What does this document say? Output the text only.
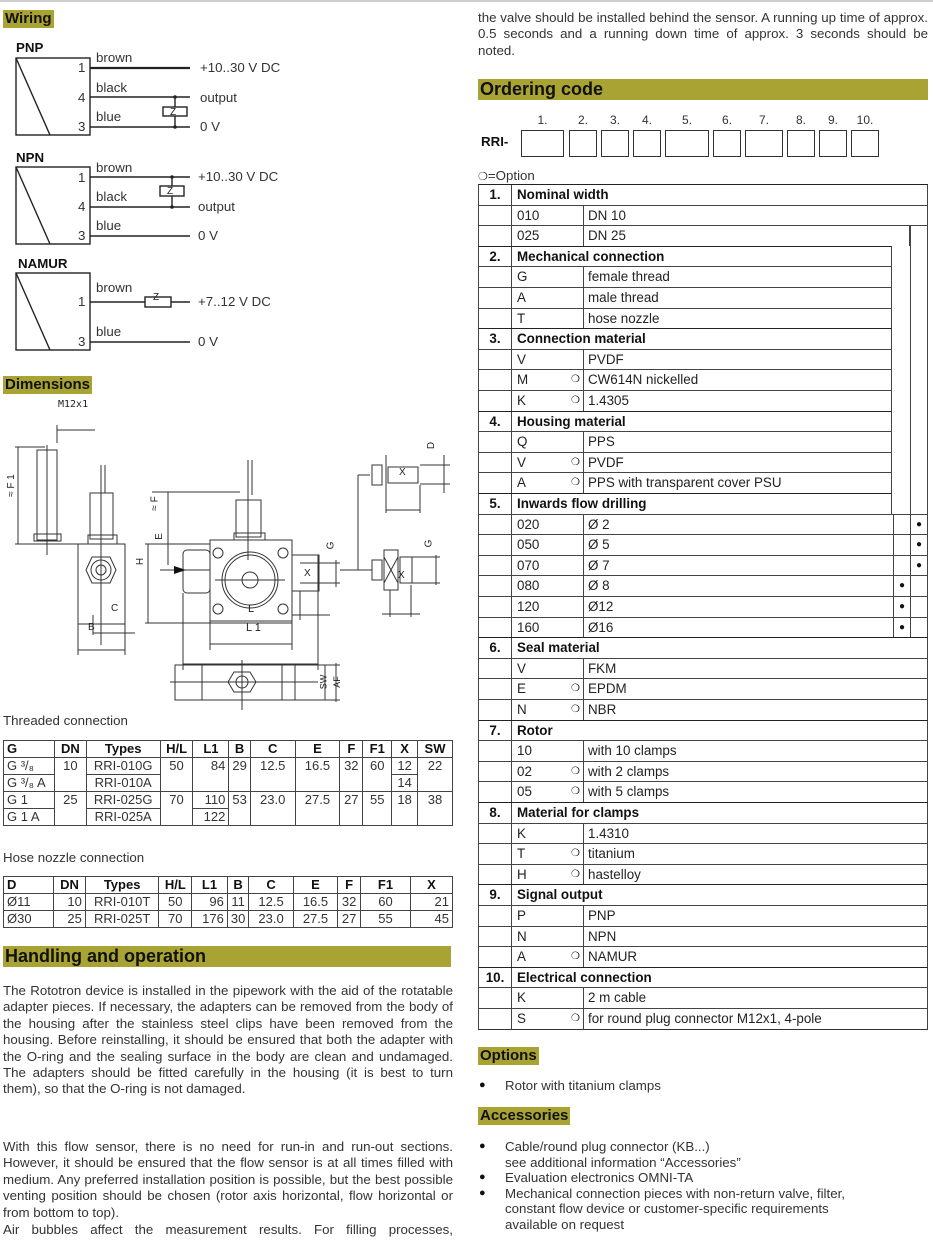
Wiring
PNP
brown
1	+10..30 V DC
black
4	output
blue
3	0 V
Z
NPN
brown
1	+10..30 V DC
black
4	output
blue
3	0 V
Z
NAMUR
brown
1	+7..12 V DC
blue
3	0 V
Z
Dimensions
M12x1
≈ F 1
≈ F
E
H
B
C	L
L 1
G
X
X
X
D
G
SW AF
Threaded connection
G	DN	Types	H/L	L1	B	C	E	F	F1	X	SW
G ³/₈	10	RRI-010G	50	84	29	12.5	16.5	32	60	12	22
G ³/₈ A		RRI-010A								14	
G 1	25	RRI-025G	70	110	53	23.0	27.5	27	55	18	38
G 1 A		RRI-025A		122							
Hose nozzle connection
D	DN	Types	H/L	L1	B	C	E	F	F1	X
Ø11	10	RRI-010T	50	96	11	12.5	16.5	32	60	21
Ø30	25	RRI-025T	70	176	30	23.0	27.5	27	55	45
Handling and operation
The Rototron device is installed in the pipework with the aid of the rotatable adapter pieces. If necessary, the adapters can be removed from the body of the housing after the stainless steel clips have been removed from the housing. Before reinstalling, it should be ensured that both the adapter with the O-ring and the sealing surface in the body are clean and undamaged. The adapters should be fitted carefully in the housing (it is best to turn them), so that the O-ring is not damaged.
With this flow sensor, there is no need for run-in and run-out sections. However, it should be ensured that the flow sensor is at all times filled with medium. Any preferred installation position is possible, but the best possible venting position should be chosen (rotor axis horizontal, flow horizontal or from bottom to top).
Air bubbles affect the measurement results. For filling processes,
the valve should be installed behind the sensor. A running up time of approx. 0.5 seconds and a running down time of approx. 3 seconds should be noted.
Ordering code
RRI-
1.	2.	3.	4.	5.	6.	7.	8.	9.	10.
❍=Option
1.	Nominal width
010	DN 10
025	DN 25
2.	Mechanical connection
G	female thread
A	male thread
T	hose nozzle
3.	Connection material
V	PVDF
M	❍ CW614N nickelled
K	❍ 1.4305
4.	Housing material
Q	PPS
V	❍ PVDF
A	❍ PPS with transparent cover PSU
5.	Inwards flow drilling
020	Ø 2	●
050	Ø 5	●
070	Ø 7	●
080	Ø 8	●
120	Ø12	●
160	Ø16	●
6.	Seal material
V	FKM
E	❍ EPDM
N	❍ NBR
7.	Rotor
10	with 10 clamps
02	❍ with 2 clamps
05	❍ with 5 clamps
8.	Material for clamps
K	1.4310
T	❍ titanium
H	❍ hastelloy
9.	Signal output
P	PNP
N	NPN
A	❍ NAMUR
10. Electrical connection
K	2 m cable
S	❍ for round plug connector M12x1, 4-pole
Options
● Rotor with titanium clamps
Accessories
● Cable/round plug connector (KB...)
see additional information “Accessories”
● Evaluation electronics OMNI-TA
● Mechanical connection pieces with non-return valve, filter,
constant flow device or customer-specific requirements
available on request
